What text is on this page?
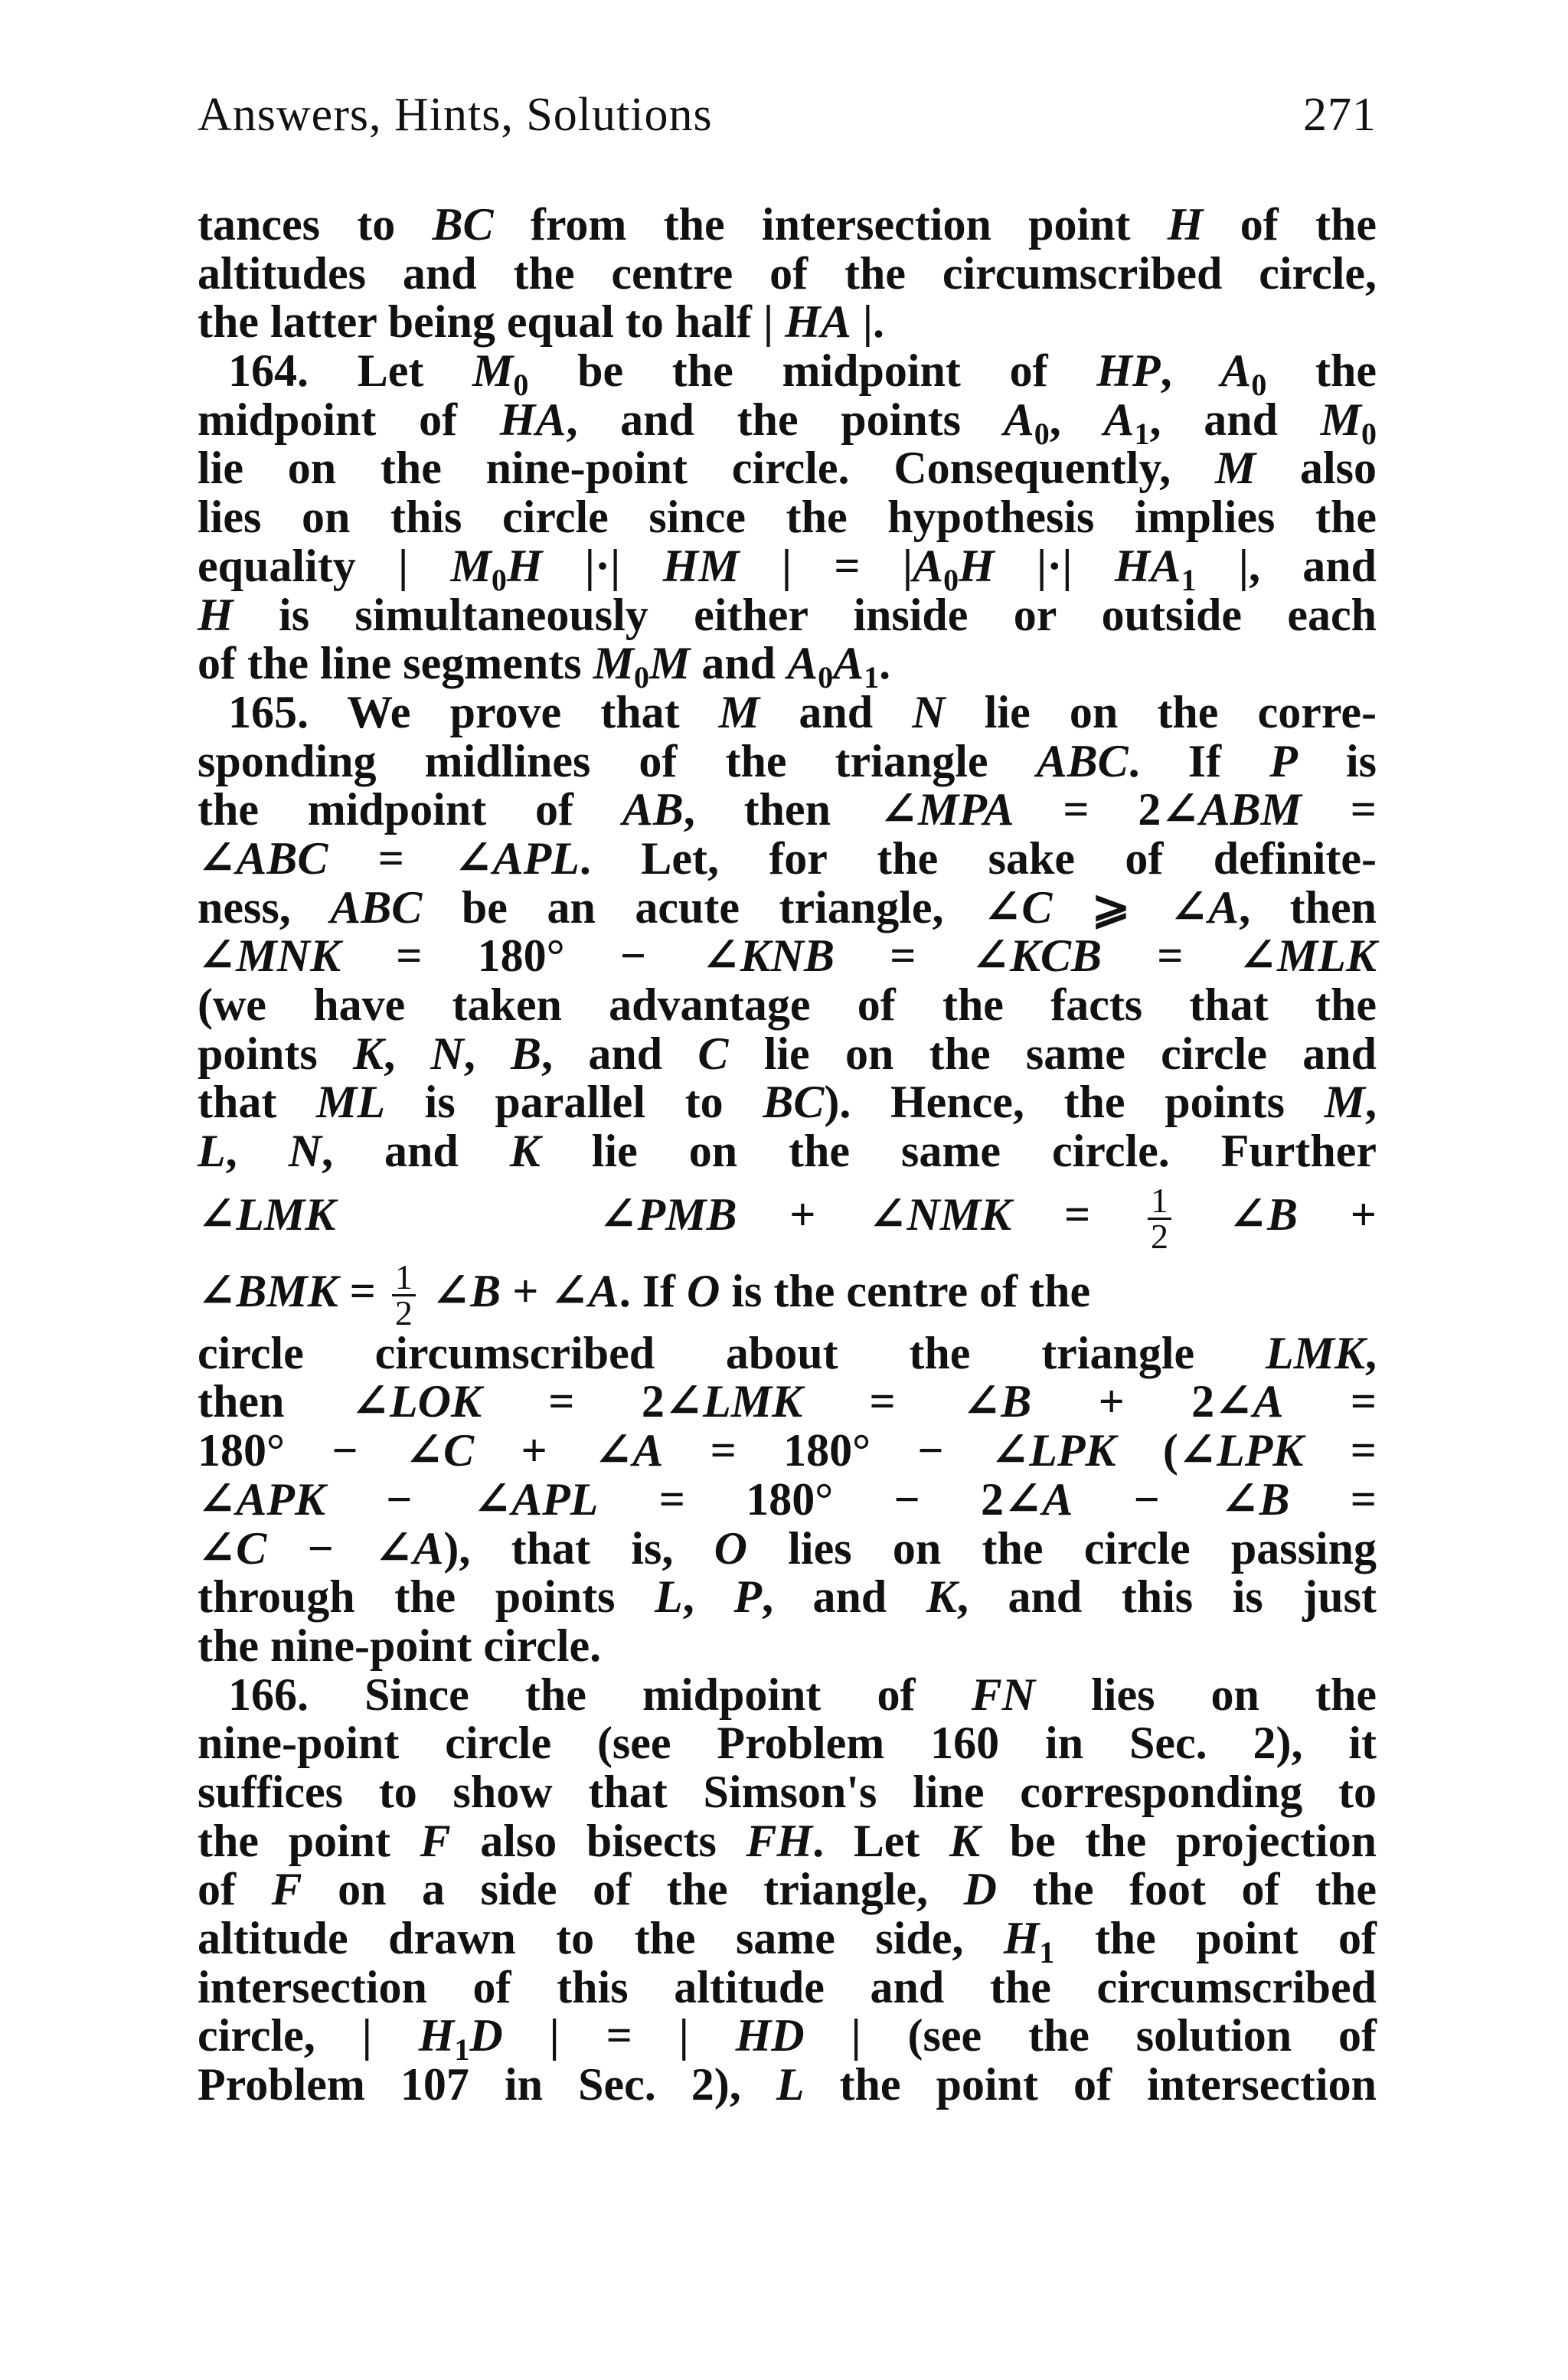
Answers, Hints, Solutions	271
tances to BC from the intersection point H of the
altitudes and the centre of the circumscribed circle,
the latter being equal to half | HA |.
164. Let $M_0$ be the midpoint of HP, $A_0$ the
midpoint of HA, and the points $A_0$, $A_1$, and $M_0$
lie on the nine-point circle. Consequently, M also
lies on this circle since the hypothesis implies the
equality | $M_0H$ |·| HM | = $|A_0H$ |·| $HA_1$ |, and
H is simultaneously either inside or outside each
of the line segments $M_0M$ and $A_0A_1$.
165. We prove that M and N lie on the corre-
sponding midlines of the triangle ABC. If P is
the midpoint of AB, then ∠MPA = 2∠ABM =
∠ABC = ∠APL. Let, for the sake of definite-
ness, ABC be an acute triangle, ∠C ⩾ ∠A, then
∠MNK = 180° − ∠KNB = ∠KCB = ∠MLK
(we have taken advantage of the facts that the
points K, N, B, and C lie on the same circle and
that ML is parallel to BC). Hence, the points M,
L, N, and K lie on the same circle. Further
∠LMK     ∠PMB + ∠NMK = $\frac{1}{2}$ ∠B +
∠BMK = $\frac{1}{2}$ ∠B + ∠A. If O is the centre of the
circle circumscribed about the triangle LMK,
then ∠LOK = 2∠LMK = ∠B + 2∠A =
180° − ∠C + ∠A = 180° − ∠LPK (∠LPK =
∠APK − ∠APL = 180° − 2∠A − ∠B =
∠C − ∠A), that is, O lies on the circle passing
through the points L, P, and K, and this is just
the nine-point circle.
166. Since the midpoint of FN lies on the
nine-point circle (see Problem 160 in Sec. 2), it
suffices to show that Simson's line corresponding to
the point F also bisects FH. Let K be the projection
of F on a side of the triangle, D the foot of the
altitude drawn to the same side, $H_1$ the point of
intersection of this altitude and the circumscribed
circle, | $H_1D$ | = | HD | (see the solution of
Problem 107 in Sec. 2), L the point of intersection
